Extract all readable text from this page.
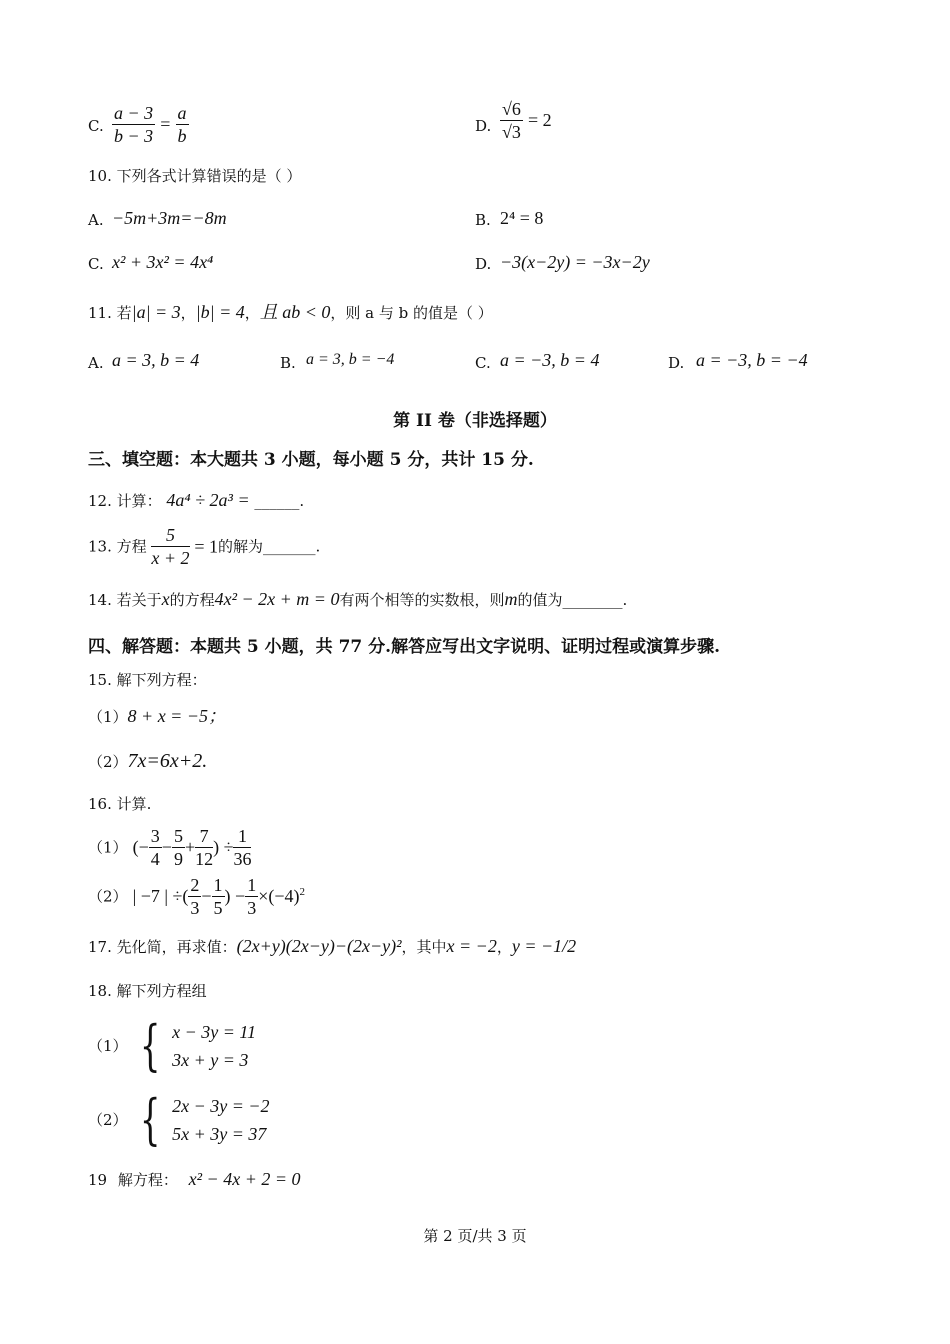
C. $\frac{a - 3}{b - 3} = \frac{a}{b}$	D. $\frac{√6}{√3} = 2$
10. 下列各式计算错误的是（ ）
A. −5m+3m=−8m	B. 2⁴ = 8
C. x² + 3x² = 4x⁴	D. −3(x−2y) = −3x−2y
11. 若|a| = 3，|b| = 4，且 ab < 0，则 a 与 b 的值是（ ）
A. a = 3, b = 4	B. a = 3, b = −4	C. a = −3, b = 4	D. a = −3, b = −4
第 II 卷（非选择题）
三、填空题：本大题共 3 小题，每小题 5 分，共计 15 分.
12. 计算： 4a⁴ ÷ 2a³ = ______.
13. 方程 $\frac{5}{x + 2} = 1$的解为_______.
14. 若关于x的方程4x² − 2x + m = 0有两个相等的实数根，则m的值为________.
四、解答题：本题共 5 小题，共 77 分.解答应写出文字说明、证明过程或演算步骤.
15. 解下列方程：
（1）8 + x = −5；
（2）7x=6x+2.
16. 计算.
（1） (− $\frac{3}{4} - \frac{5}{9} + \frac{7}{12}$ ) ÷ $\frac{1}{36}$
（2） | −7 | ÷( $\frac{2}{3} - \frac{1}{5}$ ) − $\frac{1}{3} \times(-4)^2$
17. 先化简，再求值：(2x+y)(2x−y)−(2x−y)²，其中x = −2，y = −1/2
18. 解下列方程组
（1） { x − 3y = 11
3x + y = 3
（2） { 2x − 3y = −2
5x + 3y = 37
19 解方程： x² − 4x + 2 = 0
第 2 页/共 3 页
